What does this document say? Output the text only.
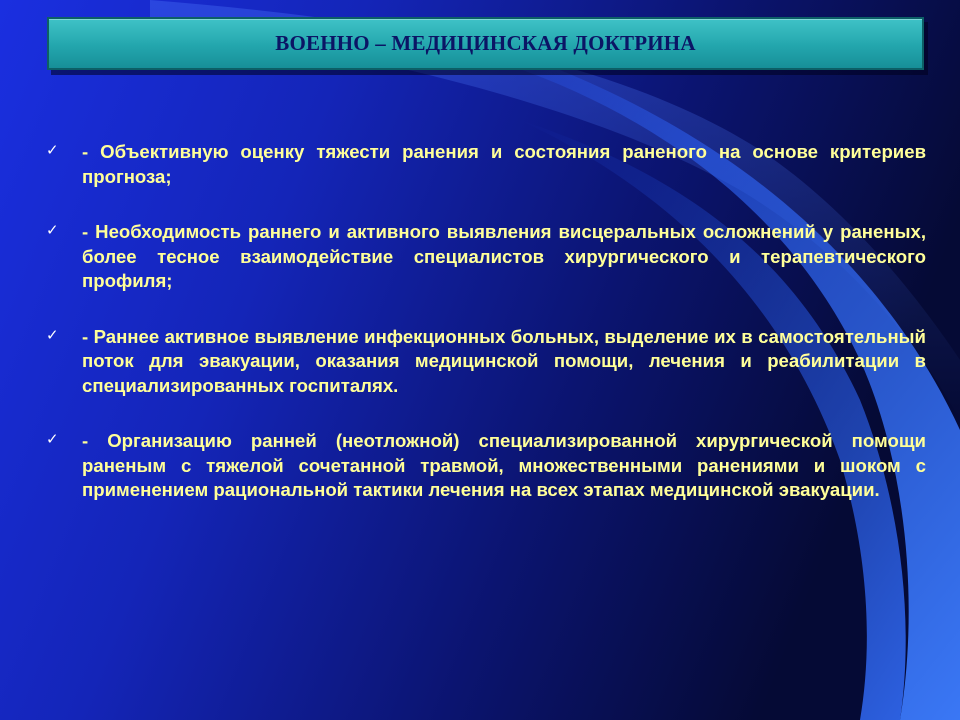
ВОЕННО – МЕДИЦИНСКАЯ ДОКТРИНА
✓ - Объективную оценку тяжести ранения и состояния раненого на основе критериев прогноза;

✓ - Необходимость раннего и активного выявления висцеральных осложнений у раненых, более тесное взаимодействие специалистов хирургического и терапевтического профиля;

✓ - Раннее активное выявление инфекционных больных, выделение их в самостоятельный поток для эвакуации, оказания медицинской помощи, лечения и реабилитации в специализированных госпиталях.

✓ - Организацию ранней (неотложной) специализированной хирургической помощи раненым с тяжелой сочетанной травмой, множественными ранениями и шоком с применением рациональной тактики лечения на всех этапах медицинской эвакуации.
